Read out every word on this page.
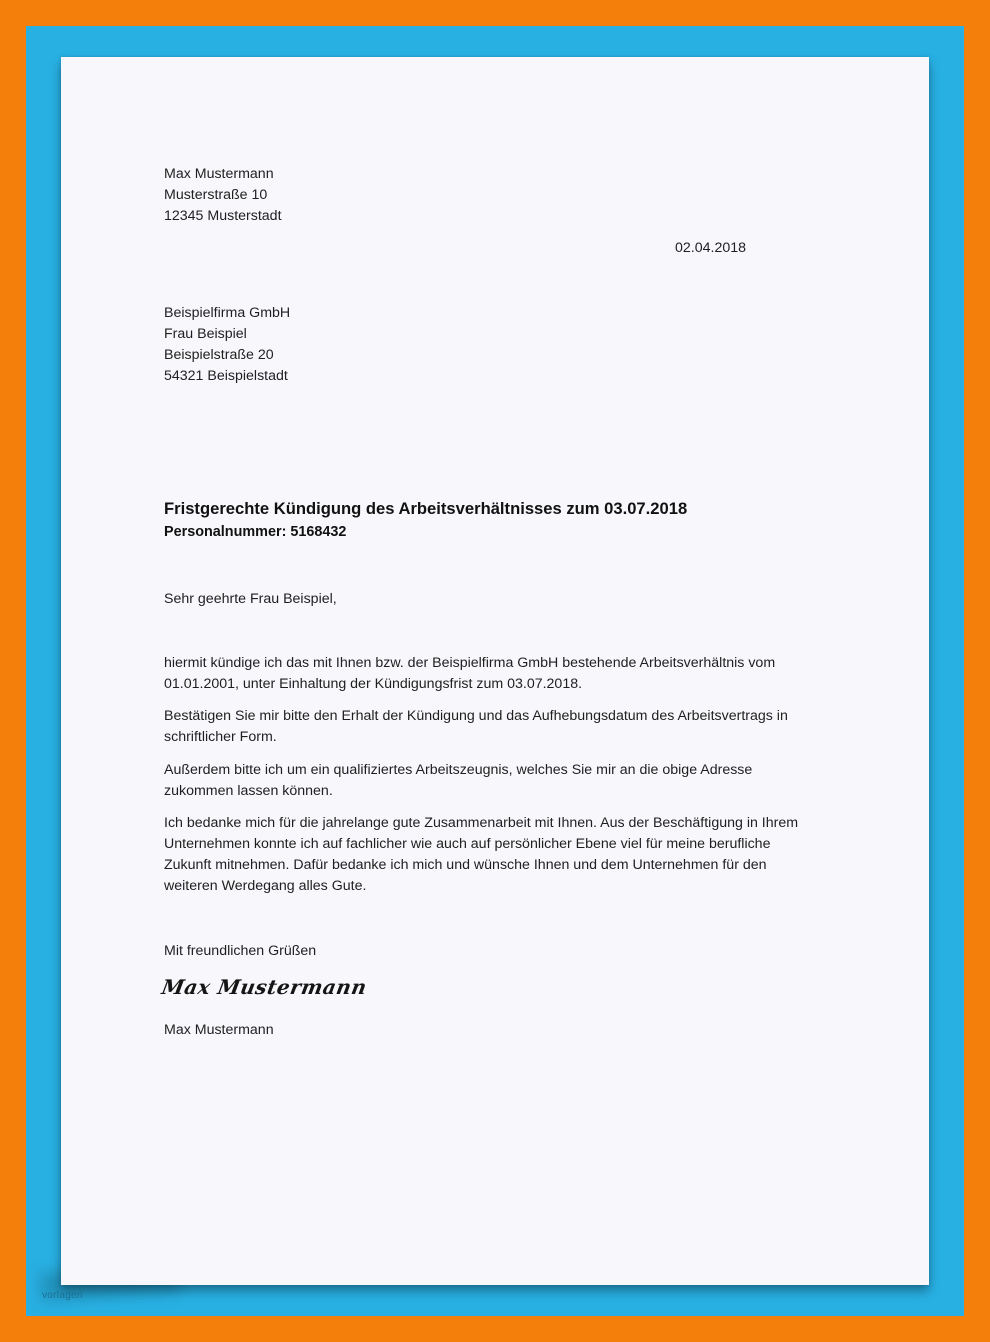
Max Mustermann
Musterstraße 10
12345 Musterstadt
02.04.2018
Beispielfirma GmbH
Frau Beispiel
Beispielstraße 20
54321 Beispielstadt
Fristgerechte Kündigung des Arbeitsverhältnisses zum 03.07.2018
Personalnummer: 5168432
Sehr geehrte Frau Beispiel,
hiermit kündige ich das mit Ihnen bzw. der Beispielfirma GmbH bestehende Arbeitsverhältnis vom
01.01.2001, unter Einhaltung der Kündigungsfrist zum 03.07.2018.
Bestätigen Sie mir bitte den Erhalt der Kündigung und das Aufhebungsdatum des Arbeitsvertrags in
schriftlicher Form.
Außerdem bitte ich um ein qualifiziertes Arbeitszeugnis, welches Sie mir an die obige Adresse
zukommen lassen können.
Ich bedanke mich für die jahrelange gute Zusammenarbeit mit Ihnen. Aus der Beschäftigung in Ihrem
Unternehmen konnte ich auf fachlicher wie auch auf persönlicher Ebene viel für meine berufliche
Zukunft mitnehmen. Dafür bedanke ich mich und wünsche Ihnen und dem Unternehmen für den
weiteren Werdegang alles Gute.
Mit freundlichen Grüßen
Max Mustermann
Max Mustermann
vorlagen
